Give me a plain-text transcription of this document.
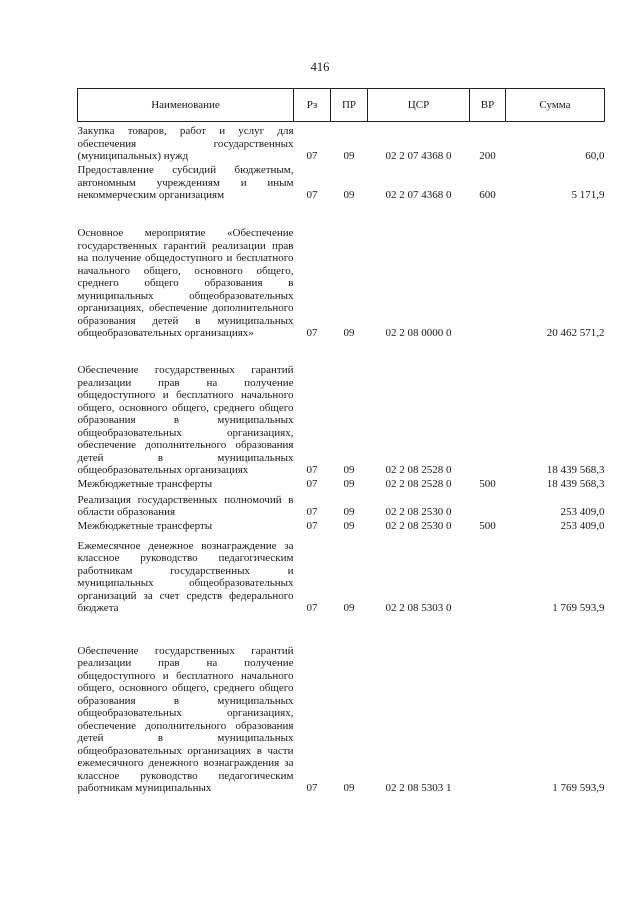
416
Наименование	Рз	ПР	ЦСР	ВР	Сумма
Закупка товаров, работ и услуг для обеспечения государственных (муниципальных) нужд	07	09	02 2 07 4368 0	200	60,0
Предоставление субсидий бюджетным, автономным учреждениям и иным некоммерческим организациям	07	09	02 2 07 4368 0	600	5 171,9
Основное мероприятие «Обеспечение государственных гарантий реализации прав на получение общедоступного и бесплатного начального общего, основного общего, среднего общего образования в муниципальных общеобразовательных организациях, обеспечение дополнительного образования детей в муниципальных общеобразовательных организациях»	07	09	02 2 08 0000 0		20 462 571,2
Обеспечение государственных гарантий реализации прав на получение общедоступного и бесплатного начального общего, основного общего, среднего общего образования в муниципальных общеобразовательных организациях, обеспечение дополнительного образования детей в муниципальных общеобразовательных организациях	07	09	02 2 08 2528 0		18 439 568,3
Межбюджетные трансферты	07	09	02 2 08 2528 0	500	18 439 568,3
Реализация государственных полномочий в области образования	07	09	02 2 08 2530 0		253 409,0
Межбюджетные трансферты	07	09	02 2 08 2530 0	500	253 409,0
Ежемесячное денежное вознаграждение за классное руководство педагогическим работникам государственных и муниципальных общеобразовательных организаций за счет средств федерального бюджета	07	09	02 2 08 5303 0		1 769 593,9
Обеспечение государственных гарантий реализации прав на получение общедоступного и бесплатного начального общего, основного общего, среднего общего образования в муниципальных общеобразовательных организациях, обеспечение дополнительного образования детей в муниципальных общеобразовательных организациях в части ежемесячного денежного вознаграждения за классное руководство педагогическим работникам муниципальных	07	09	02 2 08 5303 1		1 769 593,9
